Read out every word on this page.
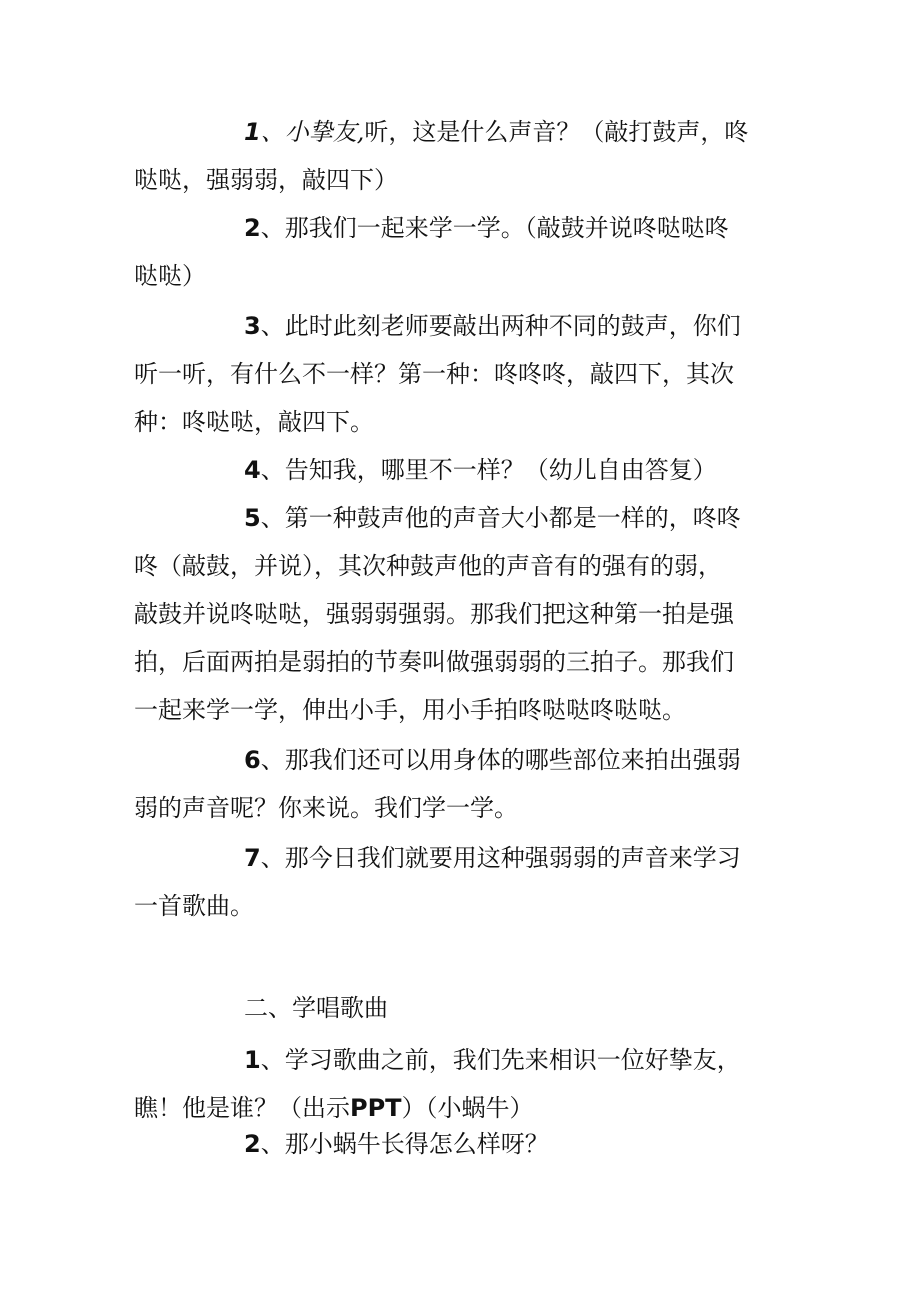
1、小挚友,听，这是什么声音？（敲打鼓声，咚
哒哒，强弱弱，敲四下）
2、那我们一起来学一学。（敲鼓并说咚哒哒咚
哒哒）
3、此时此刻老师要敲出两种不同的鼓声，你们
听一听，有什么不一样？第一种：咚咚咚，敲四下，其次
种：咚哒哒，敲四下。
4、告知我，哪里不一样？（幼儿自由答复）
5、第一种鼓声他的声音大小都是一样的，咚咚
咚（敲鼓，并说），其次种鼓声他的声音有的强有的弱，
敲鼓并说咚哒哒，强弱弱强弱。那我们把这种第一拍是强
拍，后面两拍是弱拍的节奏叫做强弱弱的三拍子。那我们
一起来学一学，伸出小手，用小手拍咚哒哒咚哒哒。
6、那我们还可以用身体的哪些部位来拍出强弱
弱的声音呢？你来说。我们学一学。
7、那今日我们就要用这种强弱弱的声音来学习
一首歌曲。
二、学唱歌曲
1、学习歌曲之前，我们先来相识一位好挚友，
瞧！他是谁？（出示PPT）（小蜗牛）
2、那小蜗牛长得怎么样呀？
